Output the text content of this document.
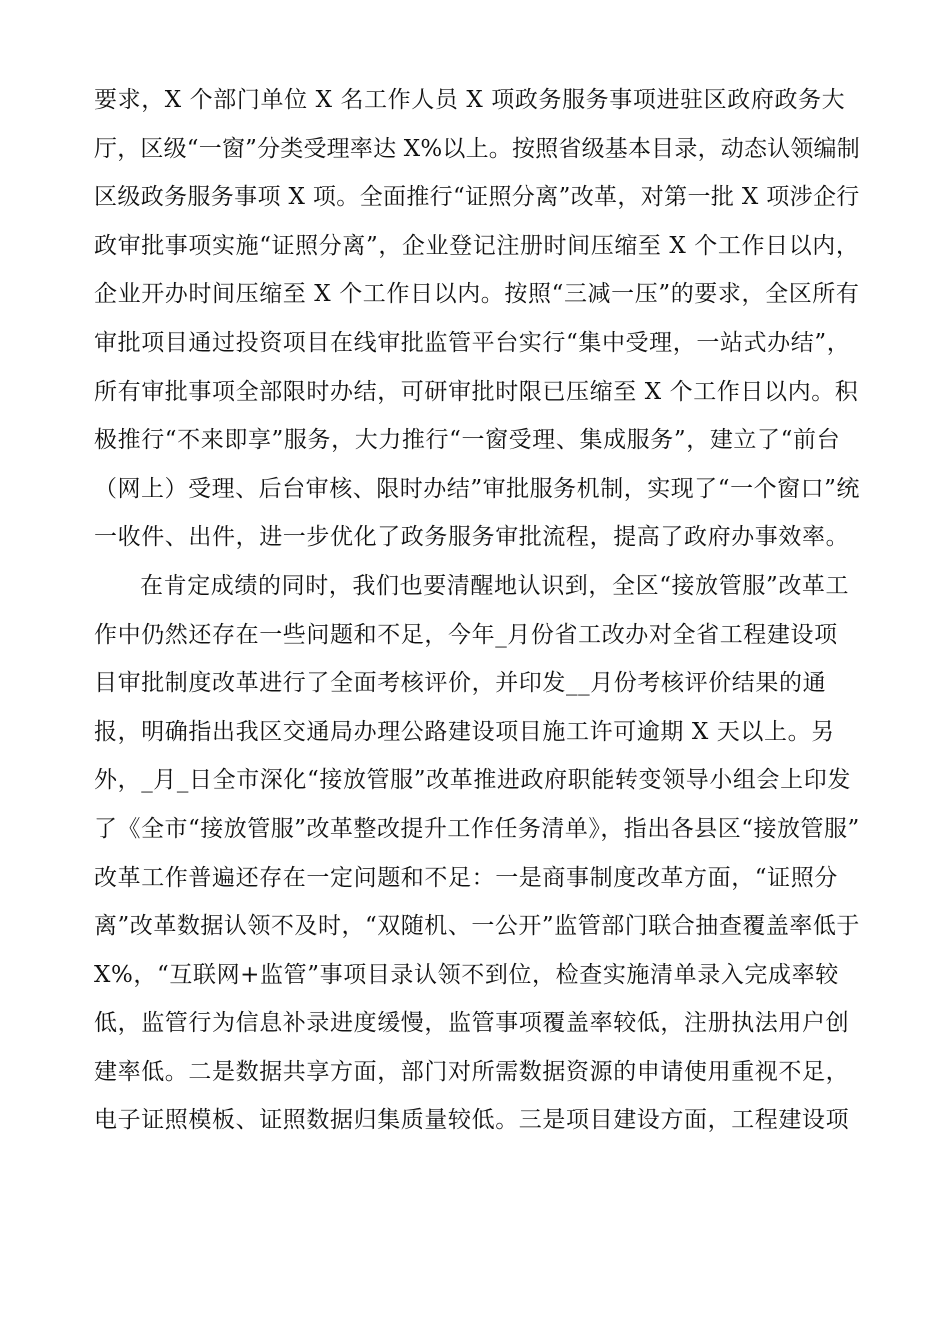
要求，X 个部门单位 X 名工作人员 X 项政务服务事项进驻区政府政务大
厅，区级“一窗”分类受理率达 X%以上。按照省级基本目录，动态认领编制
区级政务服务事项 X 项。全面推行“证照分离”改革，对第一批 X 项涉企行
政审批事项实施“证照分离”，企业登记注册时间压缩至 X 个工作日以内，
企业开办时间压缩至 X 个工作日以内。按照“三减一压”的要求，全区所有
审批项目通过投资项目在线审批监管平台实行“集中受理，一站式办结”，
所有审批事项全部限时办结，可研审批时限已压缩至 X 个工作日以内。积
极推行“不来即享”服务，大力推行“一窗受理、集成服务”，建立了“前台
（网上）受理、后台审核、限时办结”审批服务机制，实现了“一个窗口”统
一收件、出件，进一步优化了政务服务审批流程，提高了政府办事效率。
在肯定成绩的同时，我们也要清醒地认识到，全区“接放管服”改革工
作中仍然还存在一些问题和不足，今年_月份省工改办对全省工程建设项
目审批制度改革进行了全面考核评价，并印发__月份考核评价结果的通
报，明确指出我区交通局办理公路建设项目施工许可逾期 X 天以上。另
外，_月_日全市深化“接放管服”改革推进政府职能转变领导小组会上印发
了《全市“接放管服”改革整改提升工作任务清单》，指出各县区“接放管服”
改革工作普遍还存在一定问题和不足：一是商事制度改革方面，“证照分
离”改革数据认领不及时，“双随机、一公开”监管部门联合抽查覆盖率低于
X%，“互联网+监管”事项目录认领不到位，检查实施清单录入完成率较
低，监管行为信息补录进度缓慢，监管事项覆盖率较低，注册执法用户创
建率低。二是数据共享方面，部门对所需数据资源的申请使用重视不足，
电子证照模板、证照数据归集质量较低。三是项目建设方面，工程建设项
